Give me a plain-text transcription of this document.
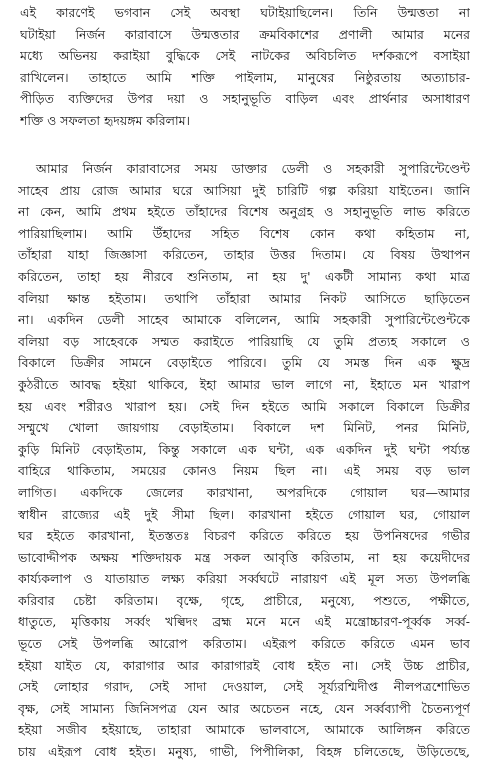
এই কারণেই ভগবান সেই অবস্থা ঘটাইয়াছিলেন। তিনি উন্মত্ততা না
ঘটাইয়া নির্জন কারাবাসে উন্মত্ততার ক্রমবিকাশের প্রণালী আমার মনের
মধ্যে অভিনয় করাইয়া বুদ্ধিকে সেই নাটকের অবিচলিত দর্শকরূপে বসাইয়া
রাখিলেন। তাহাতে আমি শক্তি পাইলাম, মানুষের নিষ্ঠুরতায় অত্যাচার-
পীড়িত ব্যক্তিদের উপর দয়া ও সহানুভূতি বাড়িল এবং প্রার্থনার অসাধারণ
শক্তি ও সফলতা হৃদয়ঙ্গম করিলাম।
আমার নির্জন কারাবাসের সময় ডাক্তার ডেলী ও সহকারী সুপারিন্টেণ্ডেন্ট
সাহেব প্রায় রোজ আমার ঘরে আসিয়া দুই চারিটি গল্প করিয়া যাইতেন। জানি
না কেন, আমি প্রথম হইতে তাঁহাদের বিশেষ অনুগ্রহ ও সহানুভূতি লাভ করিতে
পারিয়াছিলাম। আমি উঁহাদের সহিত বিশেষ কোন কথা কহিতাম না,
তাঁহারা যাহা জিজ্ঞাসা করিতেন, তাহার উত্তর দিতাম। যে বিষয় উত্থাপন
করিতেন, তাহা হয় নীরবে শুনিতাম, না হয় দু' একটী সামান্য কথা মাত্র
বলিয়া ক্ষান্ত হইতাম। তথাপি তাঁহারা আমার নিকট আসিতে ছাড়িতেন
না। একদিন ডেলী সাহেব আমাকে বলিলেন, আমি সহকারী সুপারিন্টেণ্ডেন্টকে
বলিয়া বড় সাহেবকে সম্মত করাইতে পারিয়াছি যে তুমি প্রত্যহ সকালে ও
বিকালে ডিক্রীর সামনে বেড়াইতে পারিবে। তুমি যে সমস্ত দিন এক ক্ষুদ্র
কুঠরীতে আবদ্ধ হইয়া থাকিবে, ইহা আমার ভাল লাগে না, ইহাতে মন খারাপ
হয় এবং শরীরও খারাপ হয়। সেই দিন হইতে আমি সকালে বিকালে ডিক্রীর
সম্মুখে খোলা জায়গায় বেড়াইতাম। বিকালে দশ মিনিট, পনর মিনিট,
কুড়ি মিনিট বেড়াইতাম, কিন্তু সকালে এক ঘন্টা, এক একদিন দুই ঘন্টা পর্য্যন্ত
বাহিরে থাকিতাম, সময়ের কোনও নিয়ম ছিল না। এই সময় বড় ভাল
লাগিত। একদিকে জেলের কারখানা, অপরদিকে গোয়াল ঘর—আমার
স্বাধীন রাজ্যের এই দুই সীমা ছিল। কারখানা হইতে গোয়াল ঘর, গোয়াল
ঘর হইতে কারখানা, ইতস্ততঃ বিচরণ করিতে করিতে হয় উপনিষদের গভীর
ভাবোদ্দীপক অক্ষয় শক্তিদায়ক মন্ত্র সকল আবৃত্তি করিতাম, না হয় কয়েদীদের
কার্য্যকলাপ ও যাতায়াত লক্ষ্য করিয়া সর্ব্বঘটে নারায়ণ এই মূল সত্য উপলব্ধি
করিবার চেষ্টা করিতাম। বৃক্ষে, গৃহে, প্রাচীরে, মনুষ্যে, পশুতে, পক্ষীতে,
ধাতুতে, মৃত্তিকায় সর্ব্বং খল্বিদং ব্রহ্ম মনে মনে এই মন্ত্রোচ্চারণ-পূর্ব্বক সর্ব্ব-
ভূতে সেই উপলব্ধি আরোপ করিতাম। এইরূপ করিতে করিতে এমন ভাব
হইয়া যাইত যে, কারাগার আর কারাগারই বোধ হইত না। সেই উচ্চ প্রাচীর,
সেই লোহার গরাদ, সেই সাদা দেওয়াল, সেই সূর্য্যরশ্মিদীপ্ত নীলপত্রশোভিত
বৃক্ষ, সেই সামান্য জিনিসপত্র যেন আর অচেতন নহে, যেন সর্ব্বব্যাপী চৈতন্যপূর্ণ
হইয়া সজীব হইয়াছে, তাহারা আমাকে ভালবাসে, আমাকে আলিঙ্গন করিতে
চায় এইরূপ বোধ হইত। মনুষ্য, গাভী, পিপীলিকা, বিহঙ্গ চলিতেছে, উড়িতেছে,
